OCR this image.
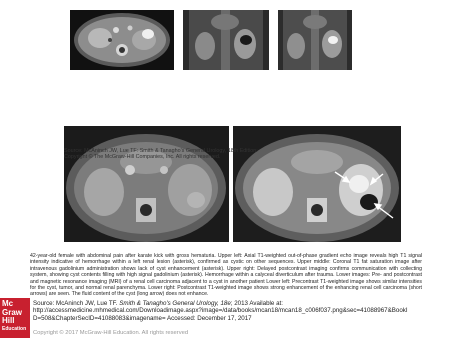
Source: McAninch JW, Lue TF: Smith & Tanagho's General Urology, 18th Edition:
Copyright © The McGraw-Hill Companies, Inc. All rights reserved.
42-year-old female with abdominal pain after karate kick with gross hematuria. Upper left: Axial T1-weighted out-of-phase gradient echo image reveals high T1 signal intensity indicative of hemorrhage within a left renal lesion (asterisk), confirmed as cystic on other sequences. Upper middle: Coronal T1 fat saturation image after intravenous gadolinium administration shows lack of cyst enhancement (asterisk). Upper right: Delayed postcontrast imaging confirms communication with collecting system, showing cyst contents filling with high signal gadolinium (asterisk). Hemorrhage within a calyceal diverticulum after trauma. Lower images: Pre- and postcontrast and magnetic resonance imaging (MRI) of a renal cell carcinoma adjacent to a cyst in another patient Lower left: Precontrast T1-weighted image shows similar intensities for the cyst, tumor, and normal renal parenchyma. Lower right: Postcontrast T1-weighted image shows strong enhancement of the enhancing renal cell carcinoma (short arrows) are seen. The fluid content of the cyst (long arrow) does not enhance.
Mc
Graw
Hill
Education
Source: McAninch JW, Lue TF. Smith & Tanagho's General Urology, 18e; 2013 Available at:
http://accessmedicine.mhmedical.com/Downloadimage.aspx?image=/data/books/mcan18/mcan18_c006f037.png&sec=41088967&BookI
D=508&ChapterSecID=41088083&imagename= Accessed: December 17, 2017
Copyright © 2017 McGraw-Hill Education. All rights reserved
